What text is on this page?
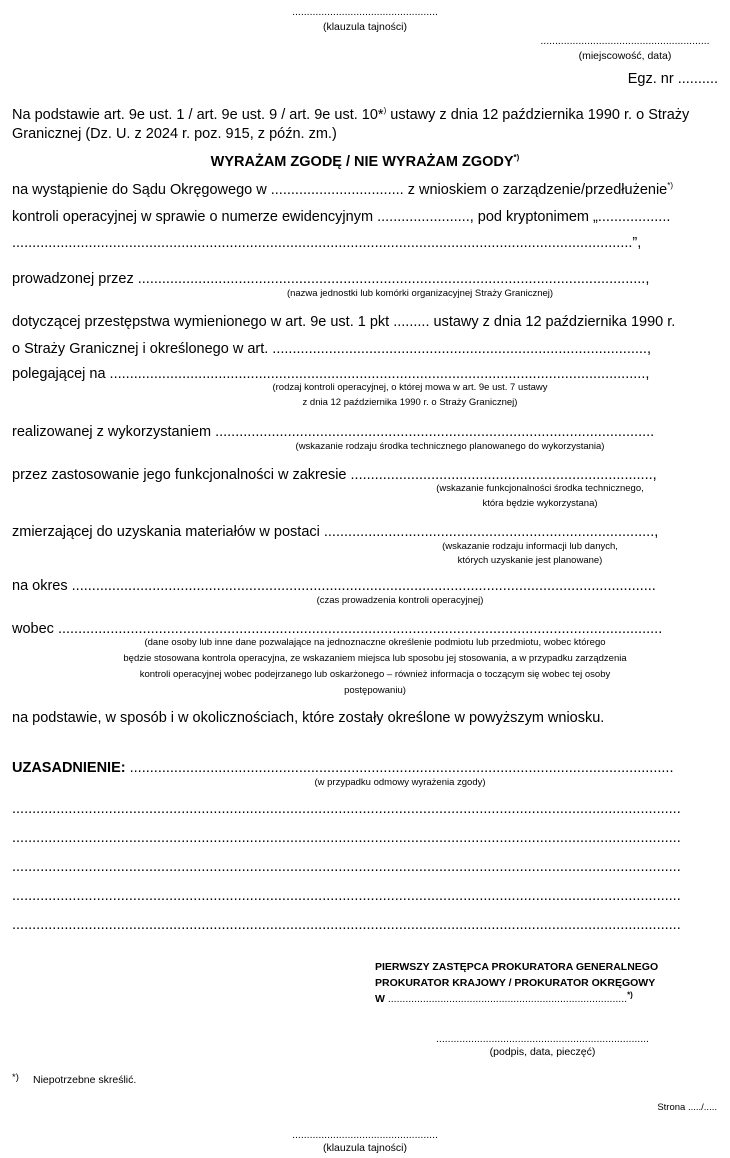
..................................................
(klauzula tajności)
..........................................................
(miejscowość, data)
Egz. nr ..........
Na podstawie art. 9e ust. 1 / art. 9e ust. 9 / art. 9e ust. 10*) ustawy z dnia 12 października 1990 r. o Straży
Granicznej (Dz. U. z 2024 r. poz. 915, z późn. zm.)
WYRAŻAM ZGODĘ / NIE WYRAŻAM ZGODY*)
na wystąpienie do Sądu Okręgowego w ................................. z wnioskiem o zarządzenie/przedłużenie*)
kontroli operacyjnej w sprawie o numerze ewidencyjnym ......................., pod kryptonimem „..................
..........................................................................................................................................................”,
prowadzonej przez ..............................................................................................................................,
(nazwa jednostki lub komórki organizacyjnej Straży Granicznej)
dotyczącej przestępstwa wymienionego w art. 9e ust. 1 pkt ......... ustawy z dnia 12 października 1990 r.
o Straży Granicznej i określonego w art. .............................................................................................,
polegającej na .....................................................................................................................................,
(rodzaj kontroli operacyjnej, o której mowa w art. 9e ust. 7 ustawy
z dnia 12 października 1990 r. o Straży Granicznej)
realizowanej z wykorzystaniem .............................................................................................................
(wskazanie rodzaju środka technicznego planowanego do wykorzystania)
przez zastosowanie jego funkcjonalności w zakresie ...........................................................................,
(wskazanie funkcjonalności środka technicznego,
która będzie wykorzystana)
zmierzającej do uzyskania materiałów w postaci ..................................................................................,
(wskazanie rodzaju informacji lub danych,
których uzyskanie jest planowane)
na okres .................................................................................................................................................
(czas prowadzenia kontroli operacyjnej)
wobec ......................................................................................................................................................
(dane osoby lub inne dane pozwalające na jednoznaczne określenie podmiotu lub przedmiotu, wobec którego
będzie stosowana kontrola operacyjna, ze wskazaniem miejsca lub sposobu jej stosowania, a w przypadku zarządzenia
kontroli operacyjnej wobec podejrzanego lub oskarżonego – również informacja o toczącym się wobec tej osoby
postępowaniu)
na podstawie, w sposób i w okolicznościach, które zostały określone w powyższym wniosku.
UZASADNIENIE: .......................................................................................................................................
(w przypadku odmowy wyrażenia zgody)
......................................................................................................................................................................
......................................................................................................................................................................
......................................................................................................................................................................
......................................................................................................................................................................
......................................................................................................................................................................
PIERWSZY ZASTĘPCA PROKURATORA GENERALNEGO
PROKURATOR KRAJOWY / PROKURATOR OKRĘGOWY
W ..................................................................................*)
.........................................................................
(podpis, data, pieczęć)
*) Niepotrzebne skreślić.
Strona ...../.....
..................................................
(klauzula tajności)
